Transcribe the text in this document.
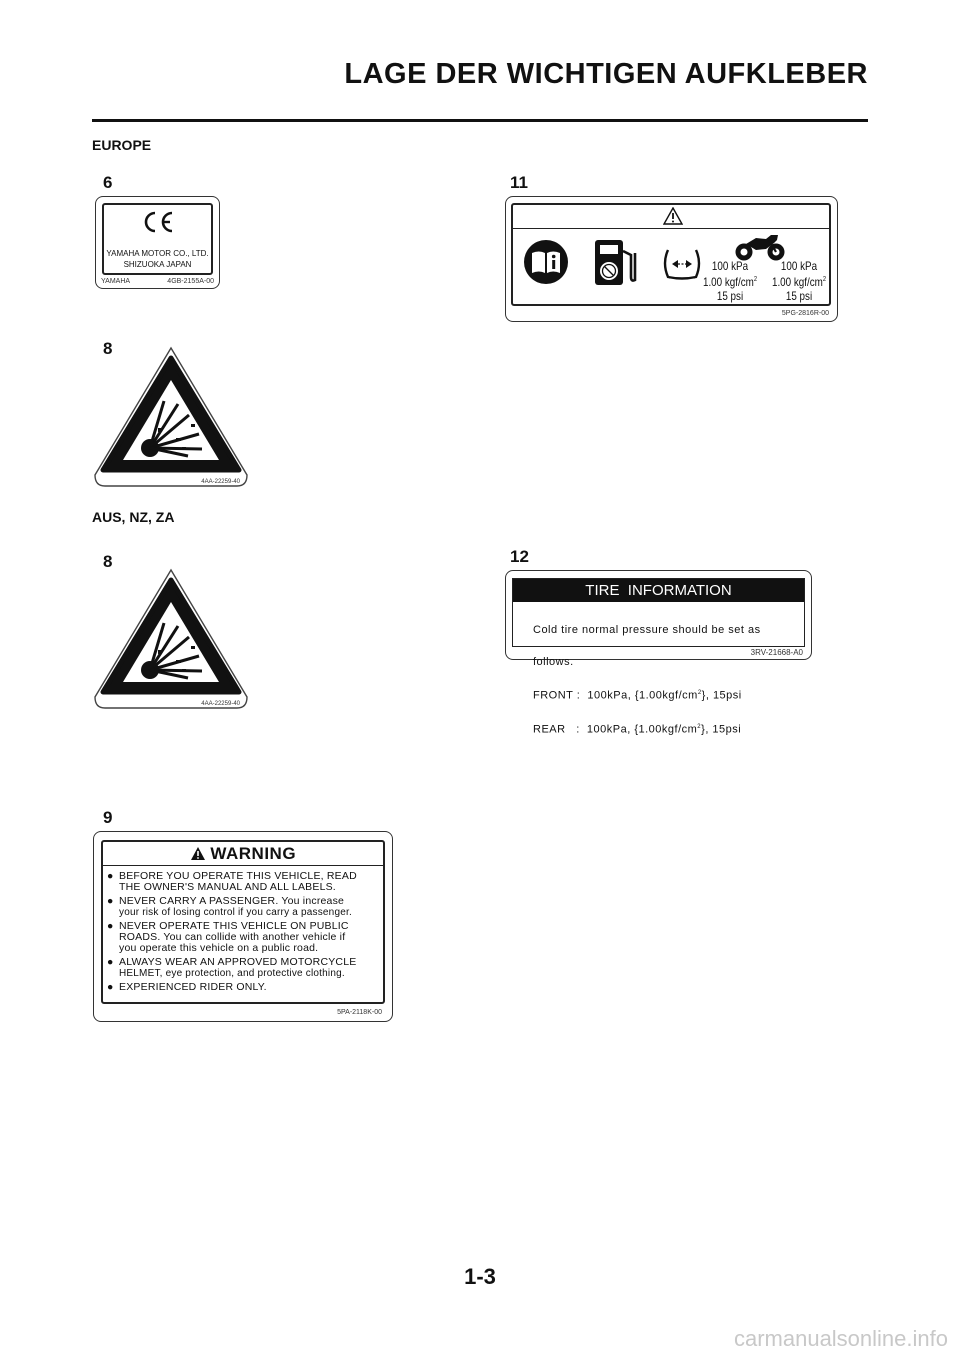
LAGE DER WICHTIGEN AUFKLEBER
EUROPE
AUS, NZ, ZA
6
YAMAHA MOTOR CO., LTD.
SHIZUOKA JAPAN
YAMAHA	4GB-2155A-00
8
4AA-22259-40
8
4AA-22259-40
11
100 kPa
1.00 kgf/$cm^2$
15 psi
100 kPa
1.00 kgf/$cm^2$
15 psi
5PG-2816R-00
12
TIRE  INFORMATION

Cold tire normal pressure should be set as

follows.

FRONT :  100kPa, $\{1.00kgf/cm^2\}$, 15psi

REAR   :  100kPa, $\{1.00kgf/cm^2\}$, 15psi

3RV-21668-A0
9
WARNING
● BEFORE YOU OPERATE THIS VEHICLE, READ
THE OWNER'S MANUAL AND ALL LABELS.
● NEVER CARRY A PASSENGER. You increase
your risk of losing control if you carry a passenger.
● NEVER OPERATE THIS VEHICLE ON PUBLIC
ROADS. You can collide with another vehicle if
you operate this vehicle on a public road.
● ALWAYS WEAR AN APPROVED MOTORCYCLE
HELMET, eye protection, and protective clothing.
● EXPERIENCED RIDER ONLY.
5PA-2118K-00
1-3
carmanualsonline.info
